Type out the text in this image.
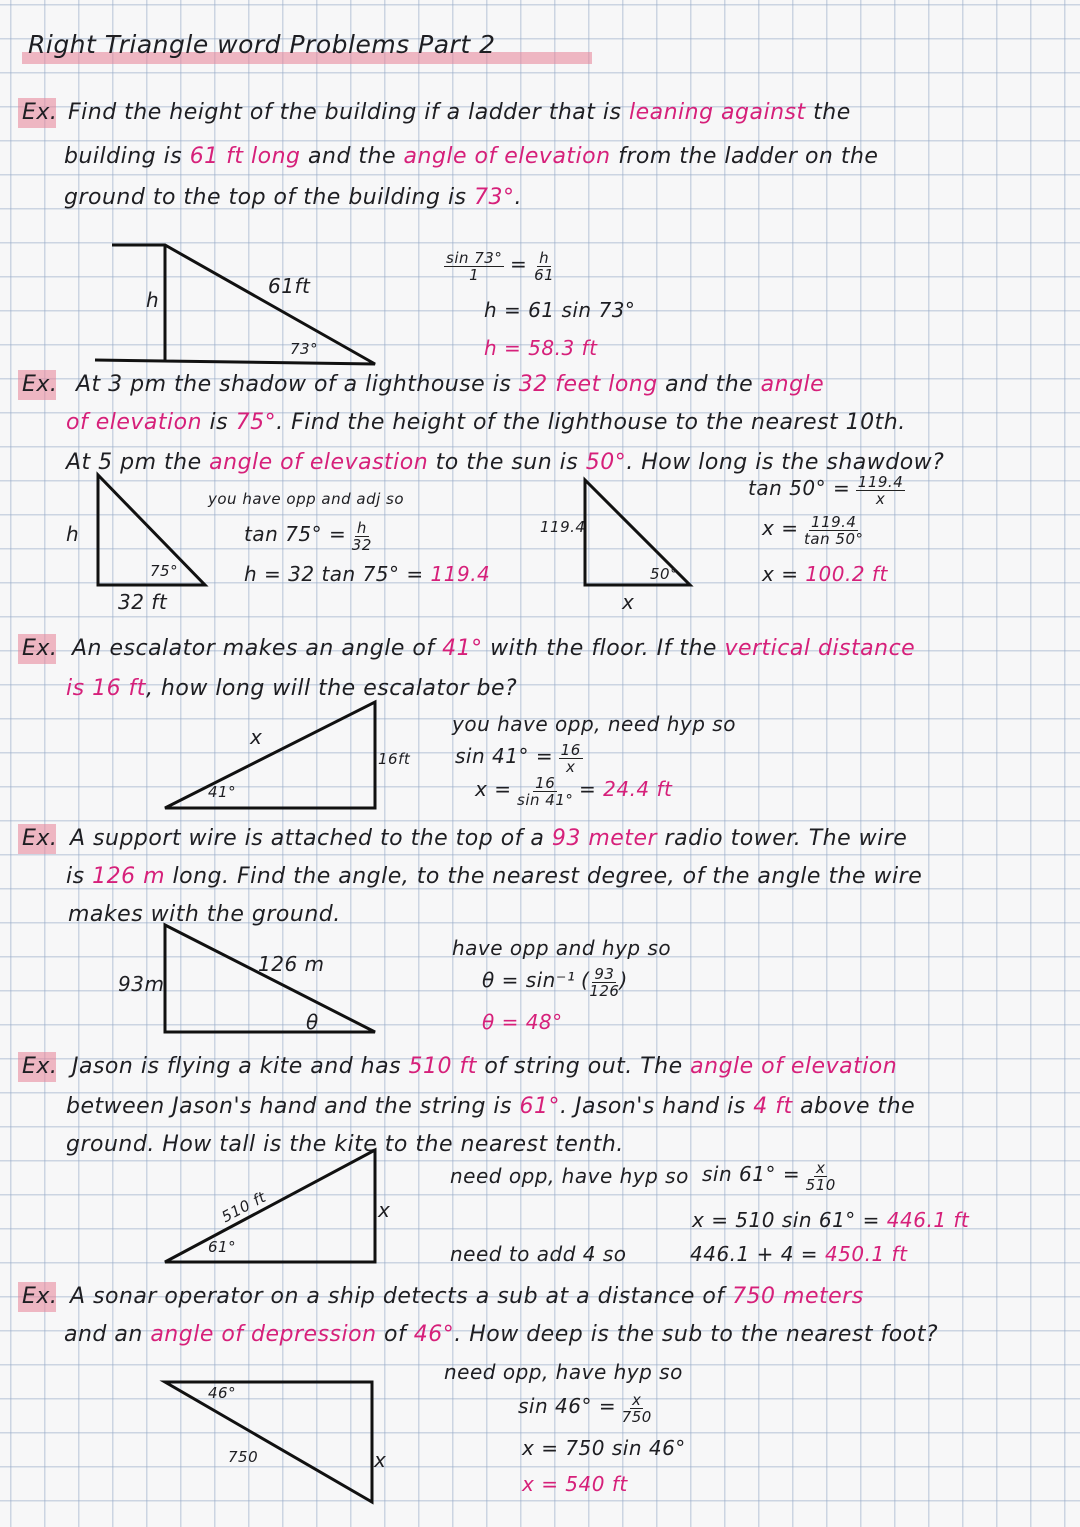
Right Triangle word Problems Part 2
Ex. Find the height of the building if a ladder that is leaning against the
building is 61 ft long and the angle of elevation from the ladder on the
ground to the top of the building is 73°.
h
61ft
73°
$\frac{\sin 73^\circ}{1} = \frac{h}{61}$
h = 61 sin 73°
h = 58.3 ft
Ex. At 3 pm the shadow of a lighthouse is 32 feet long and the angle
of elevation is 75°. Find the height of the lighthouse to the nearest 10th.
At 5 pm the angle of elevastion to the sun is 50°. How long is the shawdow?
h
75°
32 ft
you have opp and adj so
$\tan 75^\circ = \frac{h}{32}$
h = 32 tan 75° = 119.4
119.4
50°
x
$\tan 50^\circ = \frac{119.4}{x}$
$x = \frac{119.4}{\tan 50^\circ}$
x = 100.2 ft
Ex. An escalator makes an angle of 41° with the floor. If the vertical distance
is 16 ft, how long will the escalator be?
x
41°
16ft
you have opp, need hyp so
$\sin 41^\circ = \frac{16}{x}$
$x = \frac{16}{\sin 41^\circ} = 24.4$ ft
Ex. A support wire is attached to the top of a 93 meter radio tower. The wire
is 126 m long. Find the angle, to the nearest degree, of the angle the wire
makes with the ground.
93m
126 m
θ
have opp and hyp so
θ = sin⁻¹ ( $\frac{93}{126}$ )
θ = 48°
Ex. Jason is flying a kite and has 510 ft of string out. The angle of elevation
between Jason's hand and the string is 61°. Jason's hand is 4 ft above the
ground. How tall is the kite to the nearest tenth.
510 ft
61°
x
need opp, have hyp so $\sin 61^\circ = \frac{x}{510}$
x = 510 sin 61° = 446.1 ft
need to add 4 so	446.1 + 4 = 450.1 ft
Ex. A sonar operator on a ship detects a sub at a distance of 750 meters
and an angle of depression of 46°. How deep is the sub to the nearest foot?
46°
750	x
need opp, have hyp so
$\sin 46^\circ = \frac{x}{750}$
x = 750 sin 46°
x = 540 ft
